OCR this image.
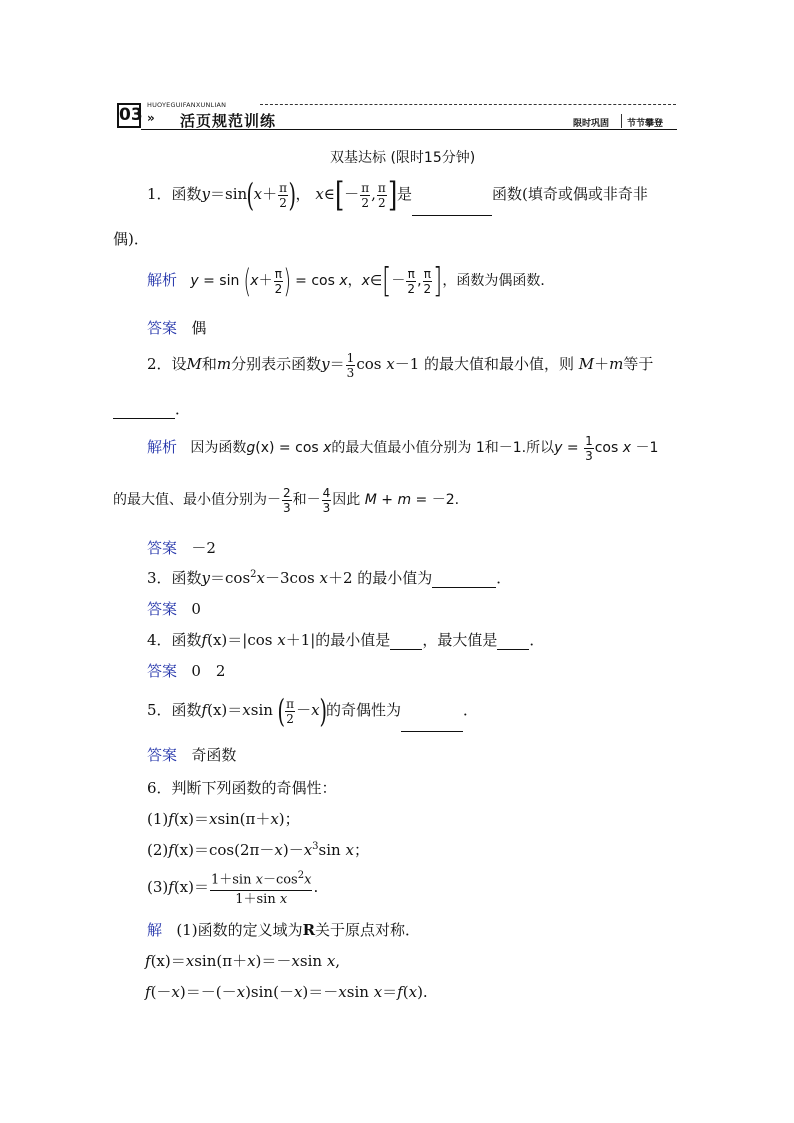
03 HUOYEGUIFANXUNLIAN
» 活页规范训练	限时巩固 节节攀登
双基达标 (限时15分钟)
1．函数$y=\sin(x+ \frac{\pi}{2}$ )， x∈[－ $\frac{\pi}{2}$ , $\frac{\pi}{2}$ ]是	函数(填奇或偶或非奇非
偶)．
解析 $y = \sin (x+ \frac{\pi}{2}$ ) = cos x，x∈[－ $\frac{\pi}{2}$ , $\frac{\pi}{2}$ ]，函数为偶函数．
答案 偶
2．设M和m分别表示函数$y= \frac{1}{3}$ cos x－1 的最大值和最小值，则 M＋m等于
．
解析 因为函数g(x) = cos x的最大值最小值分别为 1和－1.所以$y = \frac{1}{3}$ cos x －1
的最大值、最小值分别为－ $\frac{2}{3}$ 和－ $\frac{4}{3}$ 因此 M + m = －2.
答案 －2
3．函数$y=\cos^2x-3\cos$ x＋2 的最小值为	．
答案 0
4．函数f(x)＝|cos x＋1|的最小值是 ，最大值是 ．
答案 0　2
5．函数f(x)＝xsin ( $\frac{\pi}{2} -x$)的奇偶性为	．
答案 奇函数
6．判断下列函数的奇偶性：
(1)f(x)＝xsin(π＋x)；
$(2)f(x)=\cos(2\pi-x)-x^3\sin$ x；
$(3)f(x)= \frac{1+\sin x-\cos^2x}{\text{1＋sin x}}$ .
解 (1)函数的定义域为R关于原点对称．
f(x)＝xsin(π＋x)＝－xsin x,
f(－x)＝－(－x)sin(－x)＝－xsin x＝f(x).
